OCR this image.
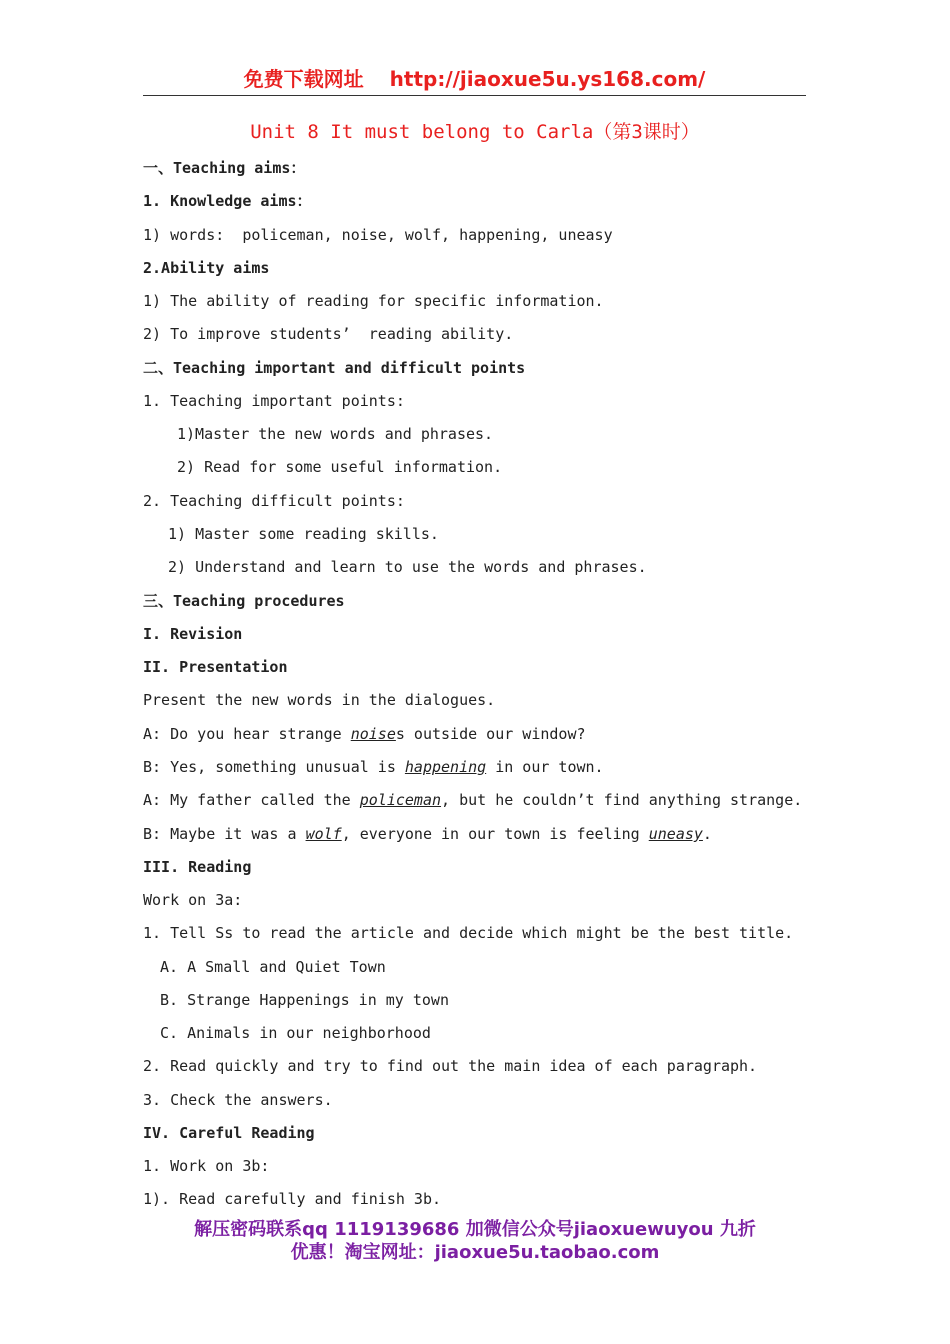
免费下载网址 http://jiaoxue5u.ys168.com/
Unit 8 It must belong to Carla（第3课时）
一、Teaching aims：
1. Knowledge aims：
1) words:  policeman, noise, wolf, happening, uneasy
2.Ability aims
1) The ability of reading for specific information.
2) To improve students’  reading ability.
二、Teaching important and difficult points
1. Teaching important points:
1)Master the new words and phrases.
2) Read for some useful information.
2. Teaching difficult points:
1) Master some reading skills.
2) Understand and learn to use the words and phrases.
三、Teaching procedures
I. Revision
II. Presentation
Present the new words in the dialogues.
A: Do you hear strange noises outside our window?
B: Yes, something unusual is happening in our town.
A: My father called the policeman, but he couldn’t find anything strange.
B: Maybe it was a wolf, everyone in our town is feeling uneasy.
III. Reading
Work on 3a:
1. Tell Ss to read the article and decide which might be the best title.
A. A Small and Quiet Town
B. Strange Happenings in my town
C. Animals in our neighborhood
2. Read quickly and try to find out the main idea of each paragraph.
3. Check the answers.
IV. Careful Reading
1. Work on 3b:
1). Read carefully and finish 3b.
解压密码联系qq 1119139686 加微信公众号jiaoxuewuyou 九折
优惠！淘宝网址：jiaoxue5u.taobao.com
